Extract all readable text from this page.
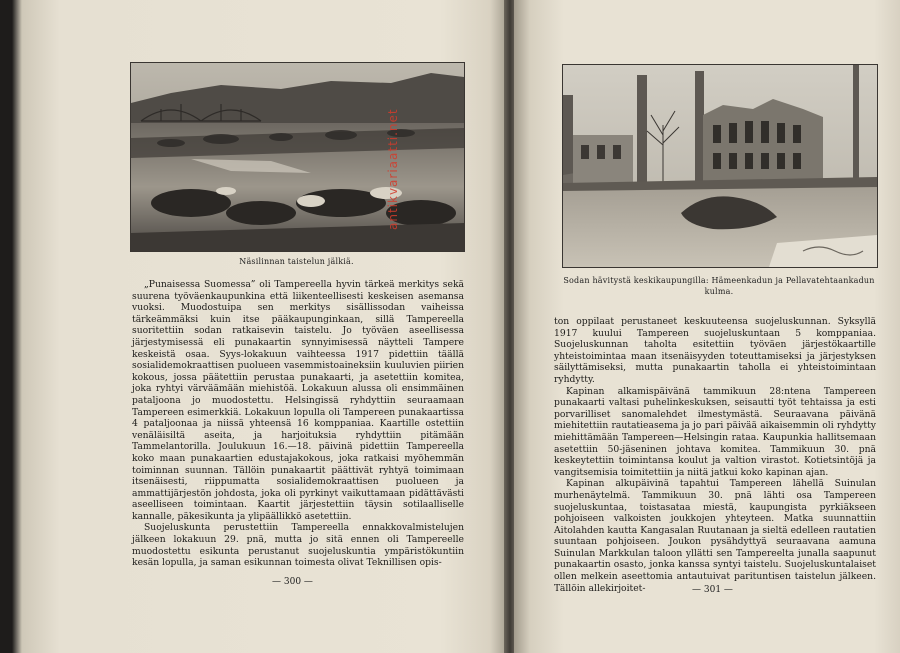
Näsilinnan taistelun jälkiä.

„Punaisessa Suomessa” oli Tampereella hyvin tärkeä merkitys sekä suurena työväenkaupunkina että liikenteellisesti keskeisen asemansa vuoksi. Muodostuipa sen merkitys sisällissodan vaiheissa tärkeämmäksi kuin itse pääkaupunginkaan, sillä Tampereella suoritettiin sodan ratkaisevin taistelu. Jo työväen aseellisessa järjestymisessä eli punakaartin synnyimisessä näytteli Tampere keskeistä osaa. Syys-lokakuun vaihteessa 1917 pidettiin täällä sosialidemokraattisen puolueen vasemmistoaineksiin kuuluvien piirien kokous, jossa päätettiin perustaa punakaarti, ja asetettiin komitea, joka ryhtyi värväämään miehistöä. Lokakuun alussa oli ensimmäinen pataljoona jo muodostettu. Helsingissä ryhdyttiin seuraamaan Tampereen esimerkkiä. Lokakuun lopulla oli Tampereen punakaartissa 4 pataljoonaa ja niissä yhteensä 16 komppaniaa. Kaartille ostettiin venäläisiltä aseita, ja harjoituksia ryhdyttiin pitämään Tammelantorilla. Joulukuun 16.—18. päivinä pidettiin Tampereella koko maan punakaartien edustajakokous, joka ratkaisi myöhemmän toiminnan suunnan. Tällöin punakaartit päättivät ryhtyä toimimaan itsenäisesti, riippumatta sosialidemokraattisen puolueen ja ammattijärjestön johdosta, joka oli pyrkinyt vaikuttamaan pidättävästi aseelliseen toimintaan. Kaartit järjestettiin täysin sotilaalliselle kannalle, päkesikunta ja ylipäällikkö asetettiin.

Suojeluskunta perustettiin Tampereella ennakkovalmistelujen jälkeen lokakuun 29. pnä, mutta jo sitä ennen oli Tampereelle muodostettu esikunta perustanut suojeluskuntia ympäristökuntiin kesän lopulla, ja saman esikunnan toimesta olivat Teknillisen opis-

— 300 —
Sodan hävitystä keskikaupungilla: Hämeenkadun ja Pellavatehtaankadun kulma.

ton oppilaat perustaneet keskuuteensa suojeluskunnan. Syksyllä 1917 kuului Tampereen suojeluskuntaan 5 komppaniaa. Suojeluskunnan taholta esitettiin työväen järjestökaartille yhteistoimintaa maan itsenäisyyden toteuttamiseksi ja järjestyksen säilyttämiseksi, mutta punakaartin taholla ei yhteistoimintaan ryhdytty.

Kapinan alkamispäivänä tammikuun 28:ntena Tampereen punakaarti valtasi puhelinkeskuksen, seisautti työt tehtaissa ja esti porvarilliset sanomalehdet ilmestymästä. Seuraavana päivänä miehitettiin rautatieasema ja jo pari päivää aikaisemmin oli ryhdytty miehittämään Tampereen—Helsingin rataa. Kaupunkia hallitsemaan asetettiin 50-jäseninen johtava komitea. Tammikuun 30. pnä keskeytettiin toimintansa koulut ja valtion virastot. Kotietsintöjä ja vangitsemisia toimitettiin ja niitä jatkui koko kapinan ajan.

Kapinan alkupäivinä tapahtui Tampereen lähellä Suinulan murhenäytelmä. Tammikuun 30. pnä lähti osa Tampereen suojeluskuntaa, toistasataa miestä, kaupungista pyrkiäkseen pohjoiseen valkoisten joukkojen yhteyteen. Matka suunnattiin Aitolahden kautta Kangasalan Ruutanaan ja sieltä edelleen rautatien suuntaan pohjoiseen. Joukon pysähdyttyä seuraavana aamuna Suinulan Markkulan taloon yllätti sen Tampereelta junalla saapunut punakaartin osasto, jonka kanssa syntyi taistelu. Suojeluskuntalaiset ollen melkein aseettomia antautuivat parituntisen taistelun jälkeen. Tällöin allekirjoitet-	— 301 —
antikvariaatti.net
